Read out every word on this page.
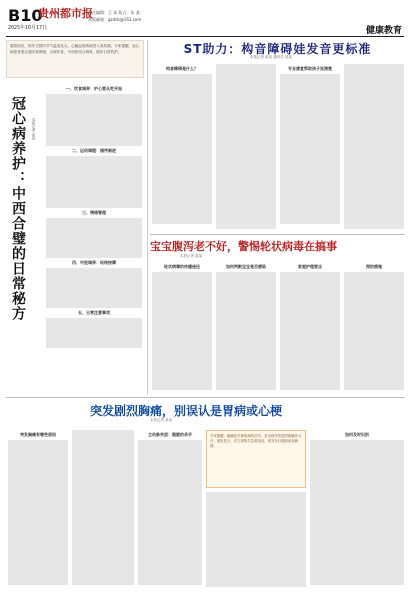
B10
贵州都市报
2025年10月17日
责任编辑：王 某 版式：张 某
本版邮箱：gzdsb@163.com
健康教育
重阳前后，秋冬交替时节气温变化大，心脑血管疾病进入高发期。专家提醒，冠心病患者需注意防寒保暖，合理饮食，中西医结合调养，做好日常防护。	ST助力：构音障碍娃发音更标准
本报记者 某某 通讯员 某某
构音障碍是什么？	专业康复帮助孩子说清楚
冠心病养护：中西合璧的日常秘方	本报记者 某某
一、饮食调养：护心要从吃开始
二、运动调理：循序渐进
三、情绪管理
四、中医调养：经络按摩
五、日常注意事项
宝宝腹泻老不好，警惕轮状病毒在搞事
本报记者 某某
轮状病毒的传播途径	如何判断宝宝是否感染	家庭护理要点	预防措施
突发剧烈胸痛，别误认是胃病或心梗
本报记者 某某
突发胸痛有哪些原因	主动脉夹层：隐匿的杀手	专家提醒：胸痛是多种疾病的信号，若出现突发剧烈胸痛伴大汗、面色苍白，应立即拨打急救电话，切勿自行服药延误病情。
如何及时识别
